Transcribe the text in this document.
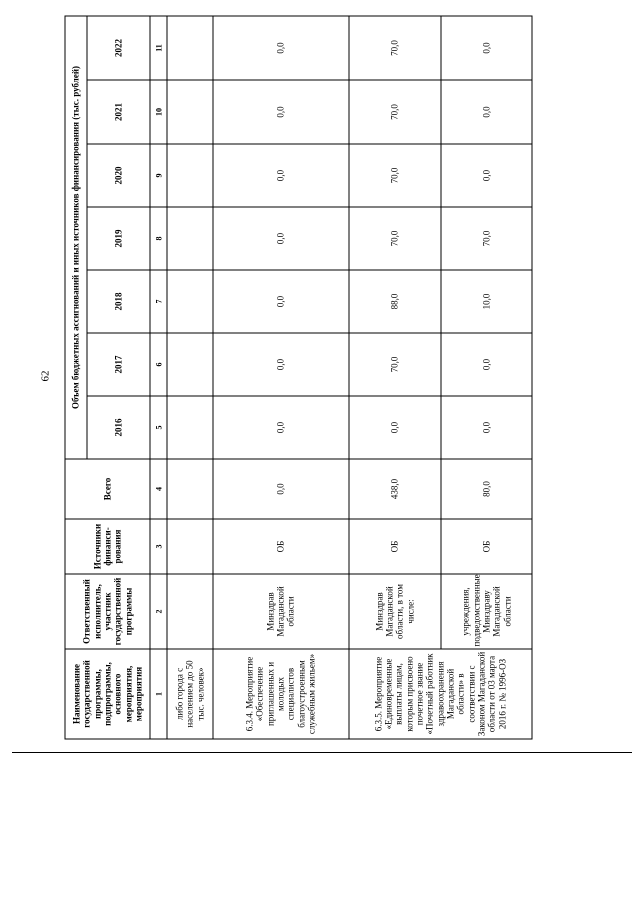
62
Наименование государственной программы, подпрограммы, основного мероприятия, мероприятия	Ответственный исполнитель, участник государственной программы	Источники финанси-рования	Всего	Объем бюджетных ассигнований и иных источников финансирования (тыс. рублей)						
				2016	2017	2018	2019	2020	2021	2022
1	2	3	4	5	6	7	8	9	10	11
либо города с населением до 50 тыс. человек»										
6.3.4. Мероприятие «Обеспечение приглашенных и молодых специалистов благоустроенным служебным жильем»	Минздрав Магаданской области	ОБ	0,0	0,0	0,0	0,0	0,0	0,0	0,0	0,0
6.3.5. Мероприятие «Единовременные выплаты лицам, которым присвоено почетное звание «Почетный работник здравоохранения Магаданской области» в соответствии с Законом Магаданской области от 03 марта 2016 г. № 1996-ОЗ	Минздрав Магаданской области, в том числе:	ОБ	438,0	0,0	70,0	88,0	70,0	70,0	70,0	70,0
	учреждения, подведомственные Минздраву Магаданской области	ОБ	80,0	0,0	0,0	10,0	70,0	0,0	0,0	0,0
